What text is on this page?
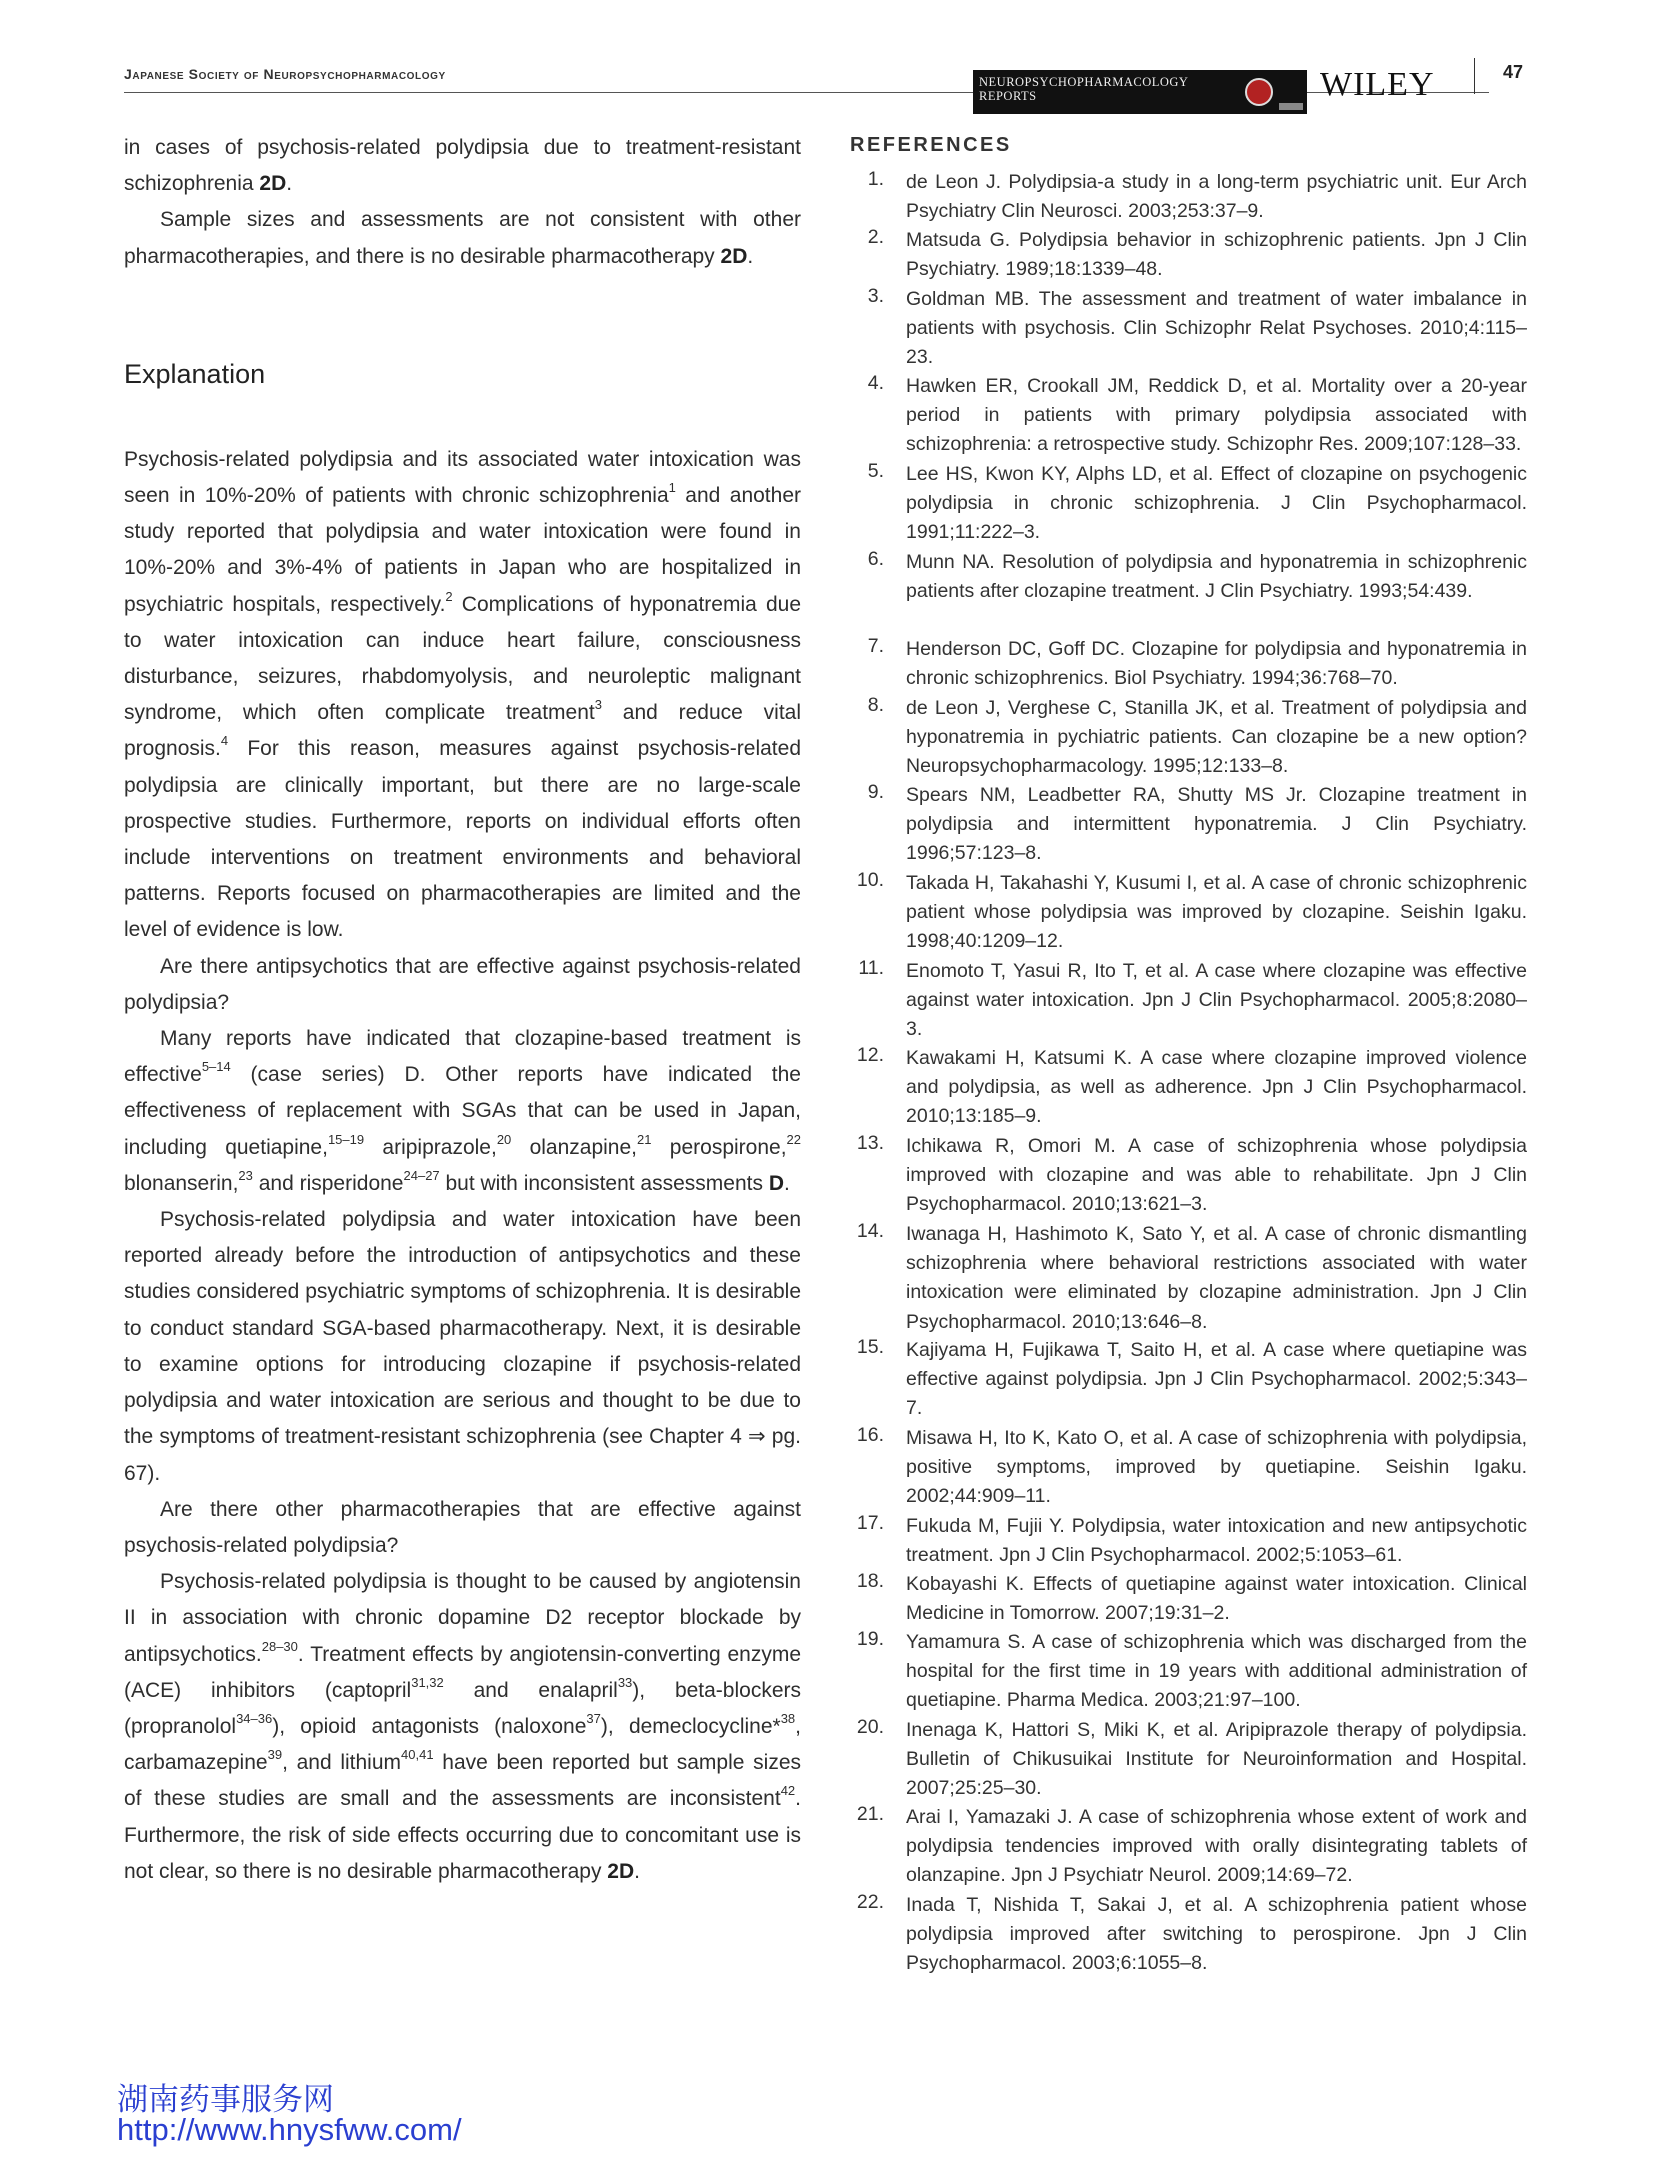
Japanese Society of Neuropsychopharmacology	NEUROPSYCHOPHARMACOLOGY
REPORTS	WILEY	47

in cases of psychosis-related polydipsia due to treatment-resistant schizophrenia 2D.

Sample sizes and assessments are not consistent with other pharmacotherapies, and there is no desirable pharmacotherapy 2D.

Explanation

Psychosis-related polydipsia and its associated water intoxication was seen in 10%-20% of patients with chronic schizophrenia$^1$ and another study reported that polydipsia and water intoxication were found in 10%-20% and 3%-4% of patients in Japan who are hospitalized in psychiatric hospitals, respectively.$^2$ Complications of hyponatremia due to water intoxication can induce heart failure, consciousness disturbance, seizures, rhabdomyolysis, and neuroleptic malignant syndrome, which often complicate treatment$^3$ and reduce vital prognosis.$^4$ For this reason, measures against psychosis-related polydipsia are clinically important, but there are no large-scale prospective studies. Furthermore, reports on individual efforts often include interventions on treatment environments and behavioral patterns. Reports focused on pharmacotherapies are limited and the level of evidence is low.

Are there antipsychotics that are effective against psychosis-related polydipsia?

Many reports have indicated that clozapine-based treatment is effective$^{5-14}$ (case series) D. Other reports have indicated the effectiveness of replacement with SGAs that can be used in Japan, including quetiapine,$^{15-19}$ aripiprazole,$^{20}$ olanzapine,$^{21}$ perospirone,$^{22}$ blonanserin,$^{23}$ and risperidone$^{24-27}$ but with inconsistent assessments D.

Psychosis-related polydipsia and water intoxication have been reported already before the introduction of antipsychotics and these studies considered psychiatric symptoms of schizophrenia. It is desirable to conduct standard SGA-based pharmacotherapy. Next, it is desirable to examine options for introducing clozapine if psychosis-related polydipsia and water intoxication are serious and thought to be due to the symptoms of treatment-resistant schizophrenia (see Chapter 4 ⇒ pg. 67).

Are there other pharmacotherapies that are effective against psychosis-related polydipsia?

Psychosis-related polydipsia is thought to be caused by angiotensin II in association with chronic dopamine D2 receptor blockade by antipsychotics.$^{28-30}$. Treatment effects by angiotensin-converting enzyme (ACE) inhibitors (captopril$^{31,32}$ and enalapril$^{33}$), beta-blockers (propranolol$^{34-36}$), opioid antagonists (naloxone$^{37}$), demeclocycline*$^{38}$, carbamazepine$^{39}$, and lithium$^{40,41}$ have been reported but sample sizes of these studies are small and the assessments are inconsistent$^{42}$. Furthermore, the risk of side effects occurring due to concomitant use is not clear, so there is no desirable pharmacotherapy 2D.

REFERENCES
1. de Leon J. Polydipsia-a study in a long-term psychiatric unit. Eur Arch Psychiatry Clin Neurosci. 2003;253:37–9.
2. Matsuda G. Polydipsia behavior in schizophrenic patients. Jpn J Clin Psychiatry. 1989;18:1339–48.
3. Goldman MB. The assessment and treatment of water imbalance in patients with psychosis. Clin Schizophr Relat Psychoses. 2010;4:115–23.
4. Hawken ER, Crookall JM, Reddick D, et al. Mortality over a 20-year period in patients with primary polydipsia associated with schizophrenia: a retrospective study. Schizophr Res. 2009;107:128–33.
5. Lee HS, Kwon KY, Alphs LD, et al. Effect of clozapine on psychogenic polydipsia in chronic schizophrenia. J Clin Psychopharmacol. 1991;11:222–3.
6. Munn NA. Resolution of polydipsia and hyponatremia in schizophrenic patients after clozapine treatment. J Clin Psychiatry. 1993;54:439.
7. Henderson DC, Goff DC. Clozapine for polydipsia and hyponatremia in chronic schizophrenics. Biol Psychiatry. 1994;36:768–70.
8. de Leon J, Verghese C, Stanilla JK, et al. Treatment of polydipsia and hyponatremia in pychiatric patients. Can clozapine be a new option? Neuropsychopharmacology. 1995;12:133–8.
9. Spears NM, Leadbetter RA, Shutty MS Jr. Clozapine treatment in polydipsia and intermittent hyponatremia. J Clin Psychiatry. 1996;57:123–8.
10. Takada H, Takahashi Y, Kusumi I, et al. A case of chronic schizophrenic patient whose polydipsia was improved by clozapine. Seishin Igaku. 1998;40:1209–12.
11. Enomoto T, Yasui R, Ito T, et al. A case where clozapine was effective against water intoxication. Jpn J Clin Psychopharmacol. 2005;8:2080–3.
12. Kawakami H, Katsumi K. A case where clozapine improved violence and polydipsia, as well as adherence. Jpn J Clin Psychopharmacol. 2010;13:185–9.
13. Ichikawa R, Omori M. A case of schizophrenia whose polydipsia improved with clozapine and was able to rehabilitate. Jpn J Clin Psychopharmacol. 2010;13:621–3.
14. Iwanaga H, Hashimoto K, Sato Y, et al. A case of chronic dismantling schizophrenia where behavioral restrictions associated with water intoxication were eliminated by clozapine administration. Jpn J Clin Psychopharmacol. 2010;13:646–8.
15. Kajiyama H, Fujikawa T, Saito H, et al. A case where quetiapine was effective against polydipsia. Jpn J Clin Psychopharmacol. 2002;5:343–7.
16. Misawa H, Ito K, Kato O, et al. A case of schizophrenia with polydipsia, positive symptoms, improved by quetiapine. Seishin Igaku. 2002;44:909–11.
17. Fukuda M, Fujii Y. Polydipsia, water intoxication and new antipsychotic treatment. Jpn J Clin Psychopharmacol. 2002;5:1053–61.
18. Kobayashi K. Effects of quetiapine against water intoxication. Clinical Medicine in Tomorrow. 2007;19:31–2.
19. Yamamura S. A case of schizophrenia which was discharged from the hospital for the first time in 19 years with additional administration of quetiapine. Pharma Medica. 2003;21:97–100.
20. Inenaga K, Hattori S, Miki K, et al. Aripiprazole therapy of polydipsia. Bulletin of Chikusuikai Institute for Neuroinformation and Hospital. 2007;25:25–30.
21. Arai I, Yamazaki J. A case of schizophrenia whose extent of work and polydipsia tendencies improved with orally disintegrating tablets of olanzapine. Jpn J Psychiatr Neurol. 2009;14:69–72.
22. Inada T, Nishida T, Sakai J, et al. A schizophrenia patient whose polydipsia improved after switching to perospirone. Jpn J Clin Psychopharmacol. 2003;6:1055–8.
湖南药事服务网
http://www.hnysfww.com/
